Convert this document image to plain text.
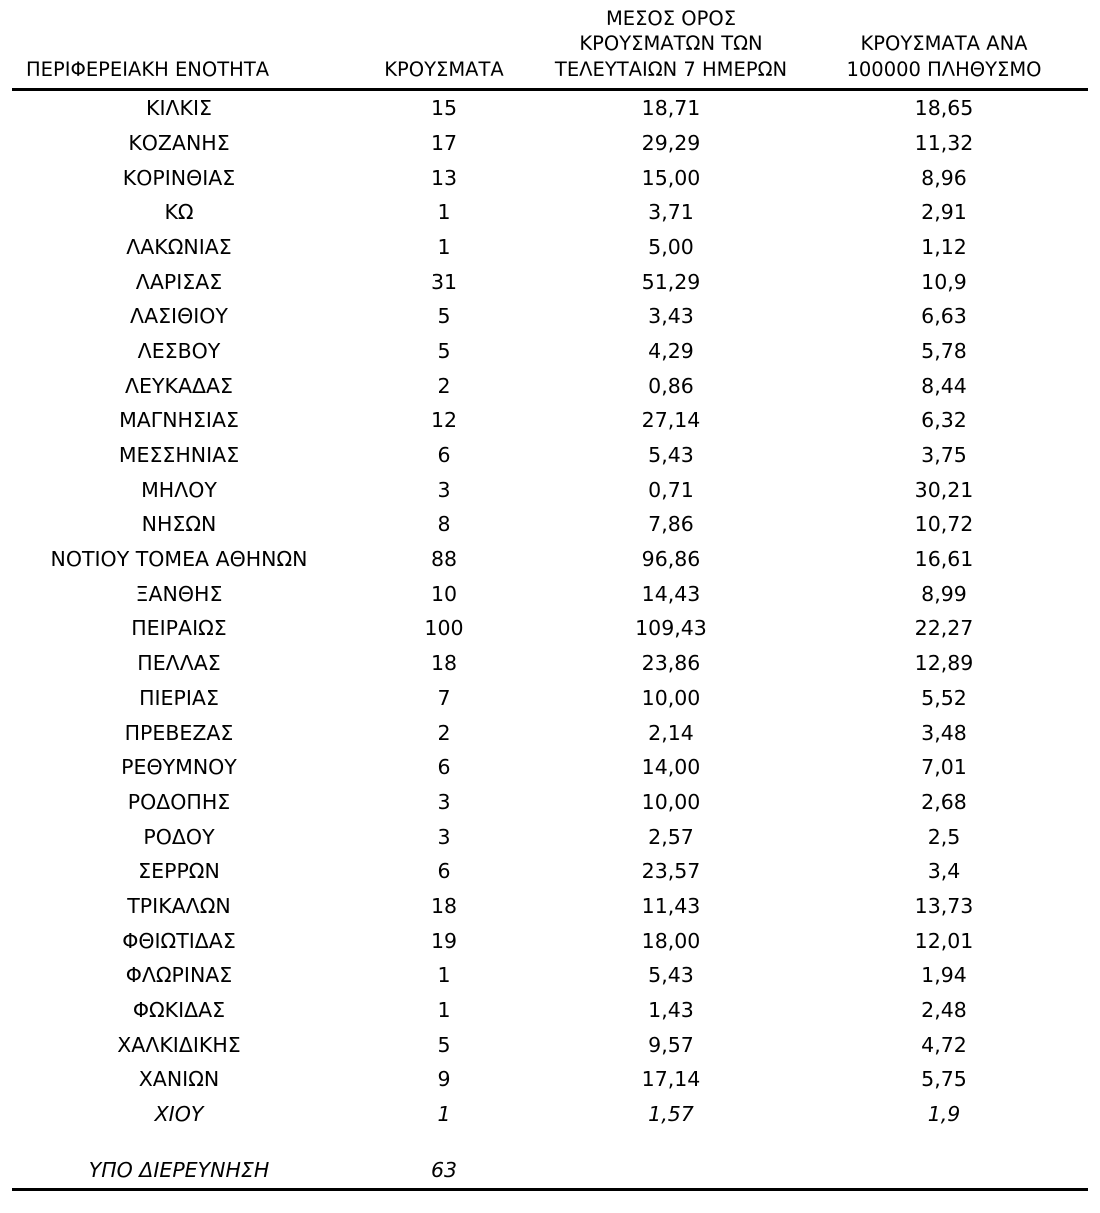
ΠΕΡΙΦΕΡΕΙΑΚΗ ΕΝΟΤΗΤΑ	ΚΡΟΥΣΜΑΤΑ	ΜΕΣΟΣ ΟΡΟΣ
ΚΡΟΥΣΜΑΤΩΝ ΤΩΝ
ΤΕΛΕΥΤΑΙΩΝ 7 ΗΜΕΡΩΝ	ΚΡΟΥΣΜΑΤΑ ΑΝΑ
100000 ΠΛΗΘΥΣΜΟ

ΚΙΛΚΙΣ	15	18,71	18,65
ΚΟΖΑΝΗΣ	17	29,29	11,32
ΚΟΡΙΝΘΙΑΣ	13	15,00	8,96
ΚΩ	1	3,71	2,91
ΛΑΚΩΝΙΑΣ	1	5,00	1,12
ΛΑΡΙΣΑΣ	31	51,29	10,9
ΛΑΣΙΘΙΟΥ	5	3,43	6,63
ΛΕΣΒΟΥ	5	4,29	5,78
ΛΕΥΚΑΔΑΣ	2	0,86	8,44
ΜΑΓΝΗΣΙΑΣ	12	27,14	6,32
ΜΕΣΣΗΝΙΑΣ	6	5,43	3,75
ΜΗΛΟΥ	3	0,71	30,21
ΝΗΣΩΝ	8	7,86	10,72
ΝΟΤΙΟΥ ΤΟΜΕΑ ΑΘΗΝΩΝ	88	96,86	16,61
ΞΑΝΘΗΣ	10	14,43	8,99
ΠΕΙΡΑΙΩΣ	100	109,43	22,27
ΠΕΛΛΑΣ	18	23,86	12,89
ΠΙΕΡΙΑΣ	7	10,00	5,52
ΠΡΕΒΕΖΑΣ	2	2,14	3,48
ΡΕΘΥΜΝΟΥ	6	14,00	7,01
ΡΟΔΟΠΗΣ	3	10,00	2,68
ΡΟΔΟΥ	3	2,57	2,5
ΣΕΡΡΩΝ	6	23,57	3,4
ΤΡΙΚΑΛΩΝ	18	11,43	13,73
ΦΘΙΩΤΙΔΑΣ	19	18,00	12,01
ΦΛΩΡΙΝΑΣ	1	5,43	1,94
ΦΩΚΙΔΑΣ	1	1,43	2,48
ΧΑΛΚΙΔΙΚΗΣ	5	9,57	4,72
ΧΑΝΙΩΝ	9	17,14	5,75
ΧΙΟΥ	1	1,57	1,9

ΥΠΟ ΔΙΕΡΕΥΝΗΣΗ	63		
